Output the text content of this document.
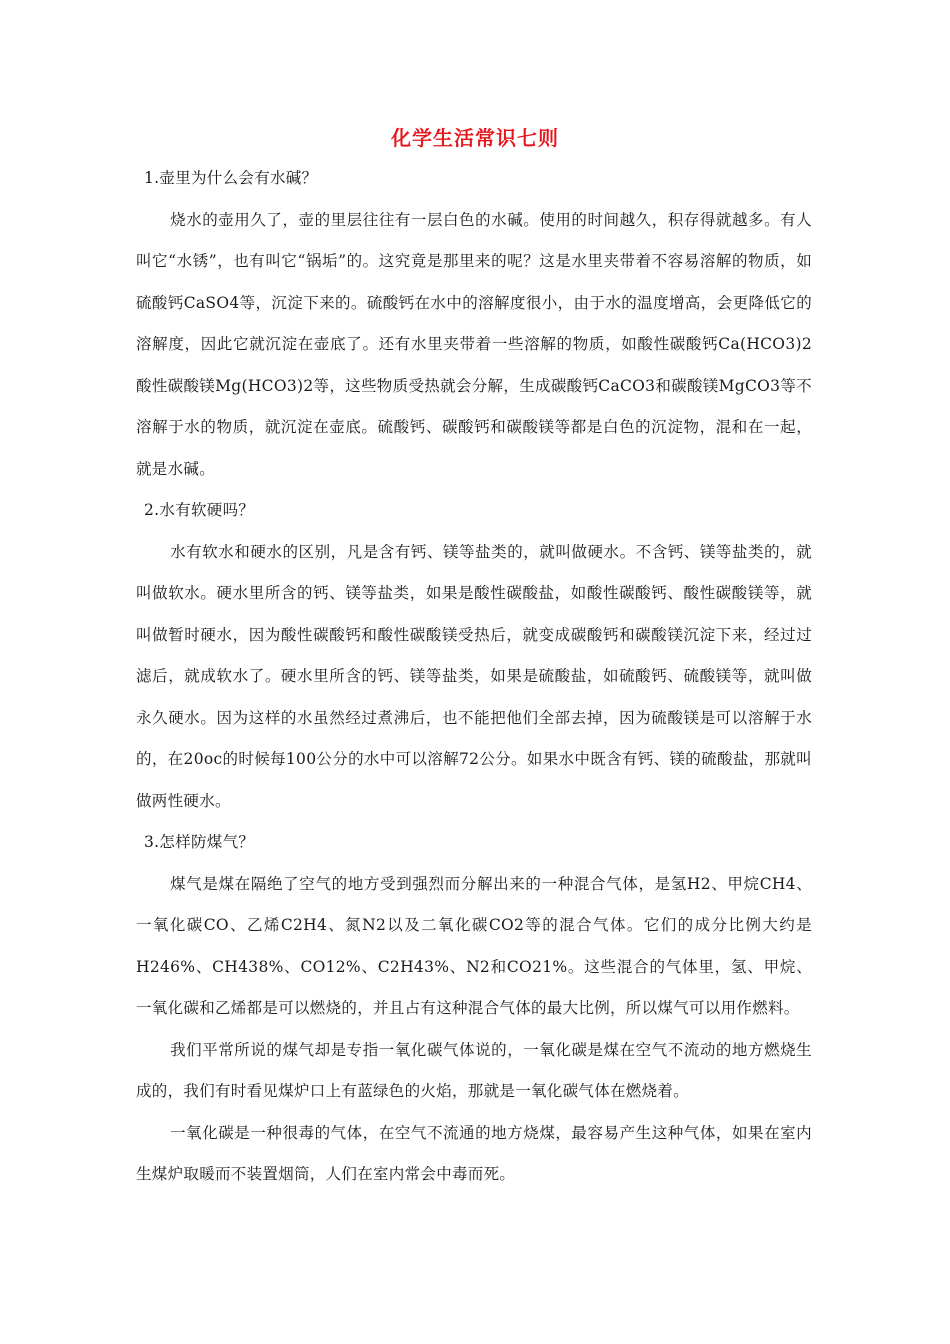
化学生活常识七则

1.壶里为什么会有水碱？

烧水的壶用久了，壶的里层往往有一层白色的水碱。使用的时间越久，积存得就越多。有人叫它“水锈”，也有叫它“锅垢”的。这究竟是那里来的呢？这是水里夹带着不容易溶解的物质，如硫酸钙CaSO4等，沉淀下来的。硫酸钙在水中的溶解度很小，由于水的温度增高，会更降低它的溶解度，因此它就沉淀在壶底了。还有水里夹带着一些溶解的物质，如酸性碳酸钙Ca(HCO3)2酸性碳酸镁Mg(HCO3)2等，这些物质受热就会分解，生成碳酸钙CaCO3和碳酸镁MgCO3等不溶解于水的物质，就沉淀在壶底。硫酸钙、碳酸钙和碳酸镁等都是白色的沉淀物，混和在一起，就是水碱。

2.水有软硬吗？

水有软水和硬水的区别，凡是含有钙、镁等盐类的，就叫做硬水。不含钙、镁等盐类的，就叫做软水。硬水里所含的钙、镁等盐类，如果是酸性碳酸盐，如酸性碳酸钙、酸性碳酸镁等，就叫做暂时硬水，因为酸性碳酸钙和酸性碳酸镁受热后，就变成碳酸钙和碳酸镁沉淀下来，经过过滤后，就成软水了。硬水里所含的钙、镁等盐类，如果是硫酸盐，如硫酸钙、硫酸镁等，就叫做永久硬水。因为这样的水虽然经过煮沸后，也不能把他们全部去掉，因为硫酸镁是可以溶解于水的，在20oc的时候每100公分的水中可以溶解72公分。如果水中既含有钙、镁的硫酸盐，那就叫做两性硬水。

3.怎样防煤气？

煤气是煤在隔绝了空气的地方受到强烈而分解出来的一种混合气体，是氢H2、甲烷CH4、一氧化碳CO、乙烯C2H4、氮N2以及二氧化碳CO2等的混合气体。它们的成分比例大约是H246%、CH438%、CO12%、C2H43%、N2和CO21%。这些混合的气体里，氢、甲烷、一氧化碳和乙烯都是可以燃烧的，并且占有这种混合气体的最大比例，所以煤气可以用作燃料。

我们平常所说的煤气却是专指一氧化碳气体说的，一氧化碳是煤在空气不流动的地方燃烧生成的，我们有时看见煤炉口上有蓝绿色的火焰，那就是一氧化碳气体在燃烧着。

一氧化碳是一种很毒的气体，在空气不流通的地方烧煤，最容易产生这种气体，如果在室内生煤炉取暖而不装置烟筒，人们在室内常会中毒而死。
